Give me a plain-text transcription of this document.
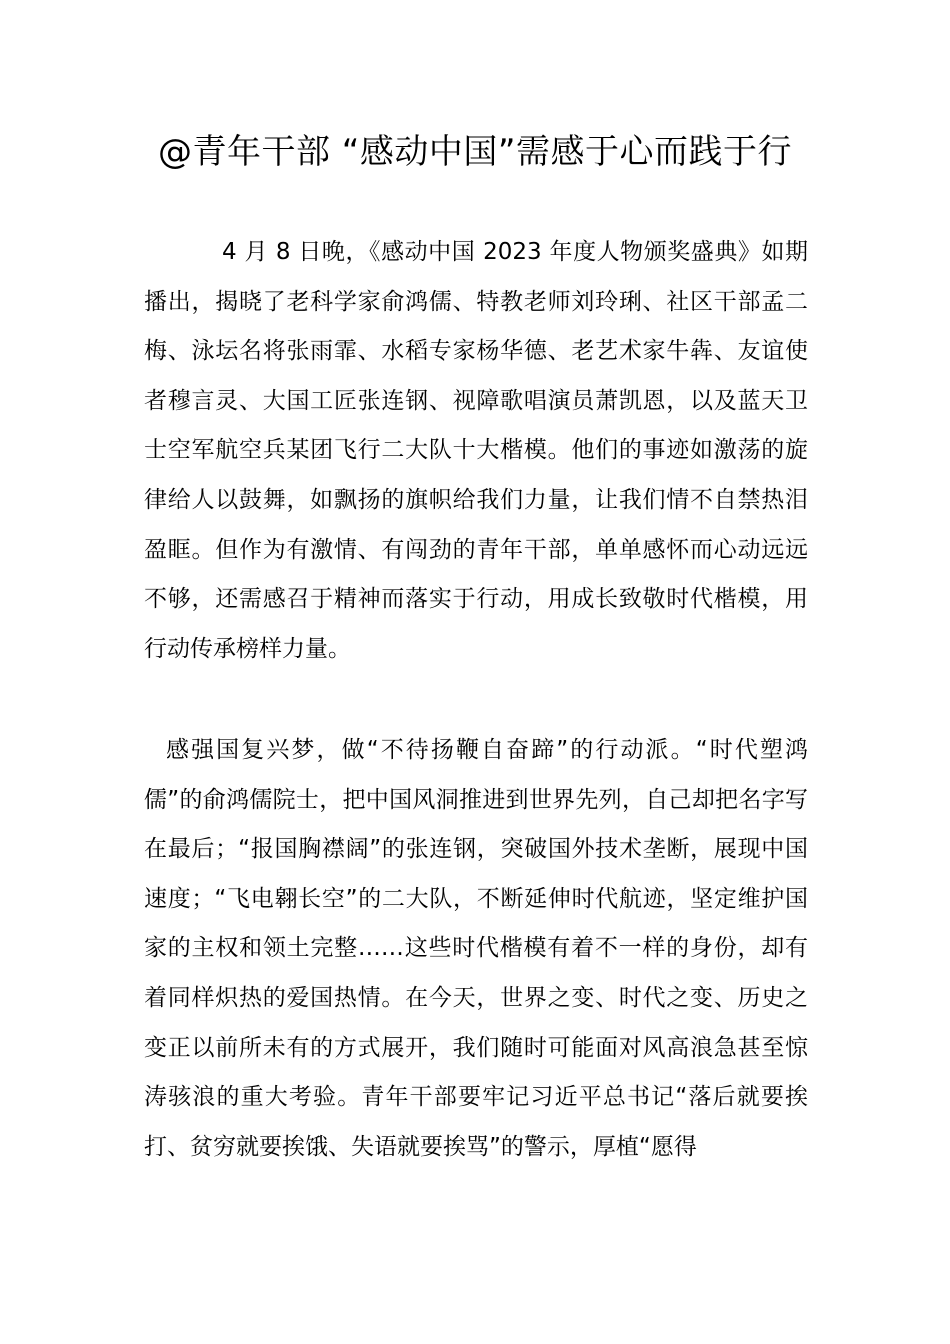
@青年干部 “感动中国”需感于心而践于行

4 月 8 日晚，《感动中国 2023 年度人物颁奖盛典》如期播出，揭晓了老科学家俞鸿儒、特教老师刘玲琍、社区干部孟二梅、泳坛名将张雨霏、水稻专家杨华德、老艺术家牛犇、友谊使者穆言灵、大国工匠张连钢、视障歌唱演员萧凯恩，以及蓝天卫士空军航空兵某团飞行二大队十大楷模。他们的事迹如激荡的旋律给人以鼓舞，如飘扬的旗帜给我们力量，让我们情不自禁热泪盈眶。但作为有激情、有闯劲的青年干部，单单感怀而心动远远不够，还需感召于精神而落实于行动，用成长致敬时代楷模，用行动传承榜样力量。

感强国复兴梦，做“不待扬鞭自奋蹄”的行动派。“时代塑鸿儒”的俞鸿儒院士，把中国风洞推进到世界先列，自己却把名字写在最后；“报国胸襟阔”的张连钢，突破国外技术垄断，展现中国速度；“飞电翱长空”的二大队，不断延伸时代航迹，坚定维护国家的主权和领土完整……这些时代楷模有着不一样的身份，却有着同样炽热的爱国热情。在今天，世界之变、时代之变、历史之变正以前所未有的方式展开，我们随时可能面对风高浪急甚至惊涛骇浪的重大考验。青年干部要牢记习近平总书记“落后就要挨打、贫穷就要挨饿、失语就要挨骂”的警示，厚植“愿得
